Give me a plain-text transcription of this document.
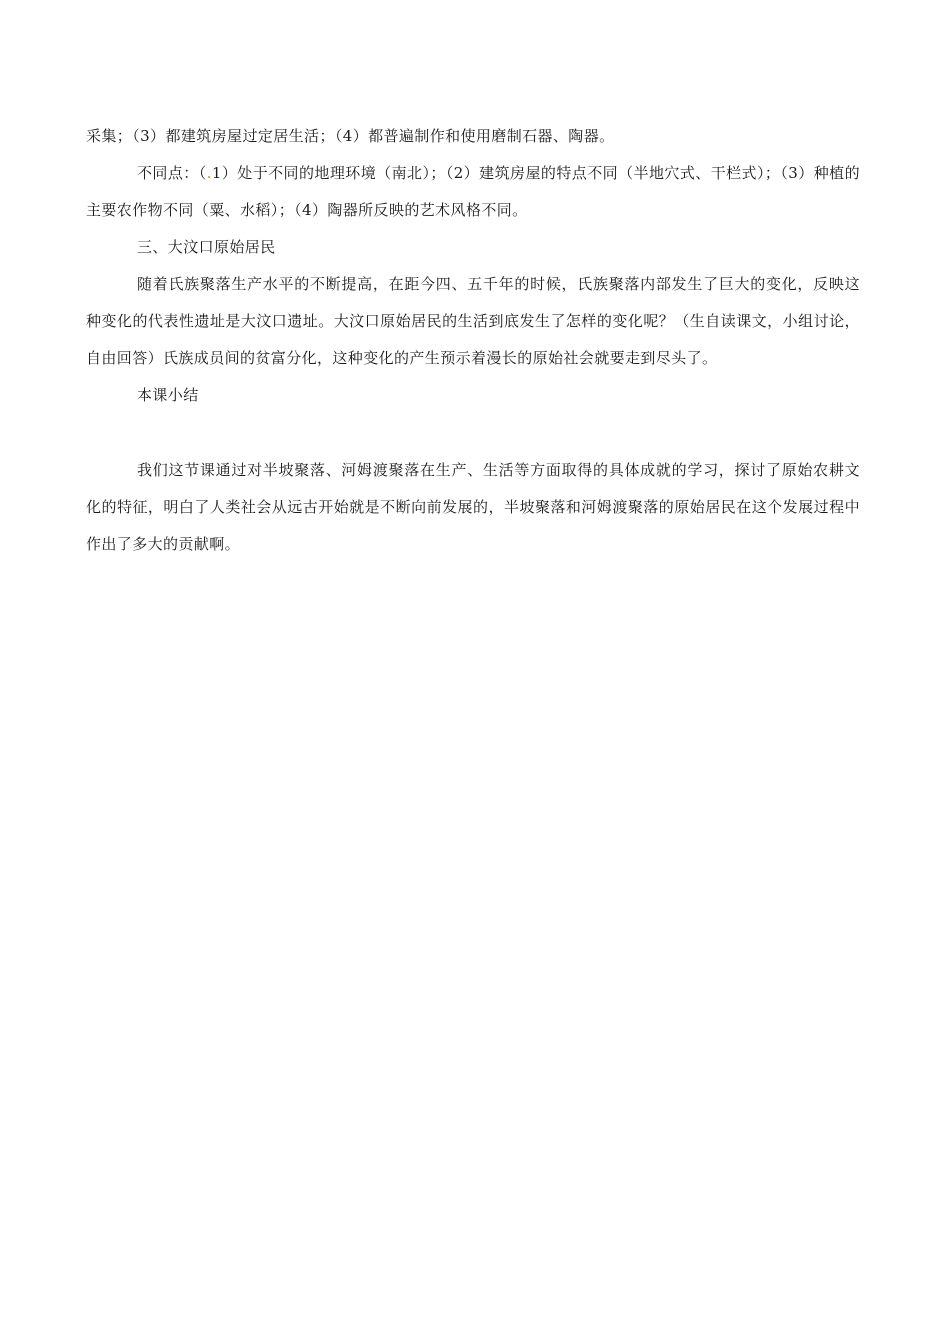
采集；（3）都建筑房屋过定居生活；（4）都普遍制作和使用磨制石器、陶器。

不同点：（.1）处于不同的地理环境（南北）；（2）建筑房屋的特点不同（半地穴式、干栏式）；（3）种植的主要农作物不同（粟、水稻）；（4）陶器所反映的艺术风格不同。

三、大汶口原始居民

随着氏族聚落生产水平的不断提高，在距今四、五千年的时候，氏族聚落内部发生了巨大的变化，反映这种变化的代表性遗址是大汶口遗址。大汶口原始居民的生活到底发生了怎样的变化呢？（生自读课文，小组讨论，自由回答）氏族成员间的贫富分化，这种变化的产生预示着漫长的原始社会就要走到尽头了。

本课小结

我们这节课通过对半坡聚落、河姆渡聚落在生产、生活等方面取得的具体成就的学习，探讨了原始农耕文化的特征，明白了人类社会从远古开始就是不断向前发展的，半坡聚落和河姆渡聚落的原始居民在这个发展过程中作出了多大的贡献啊。
